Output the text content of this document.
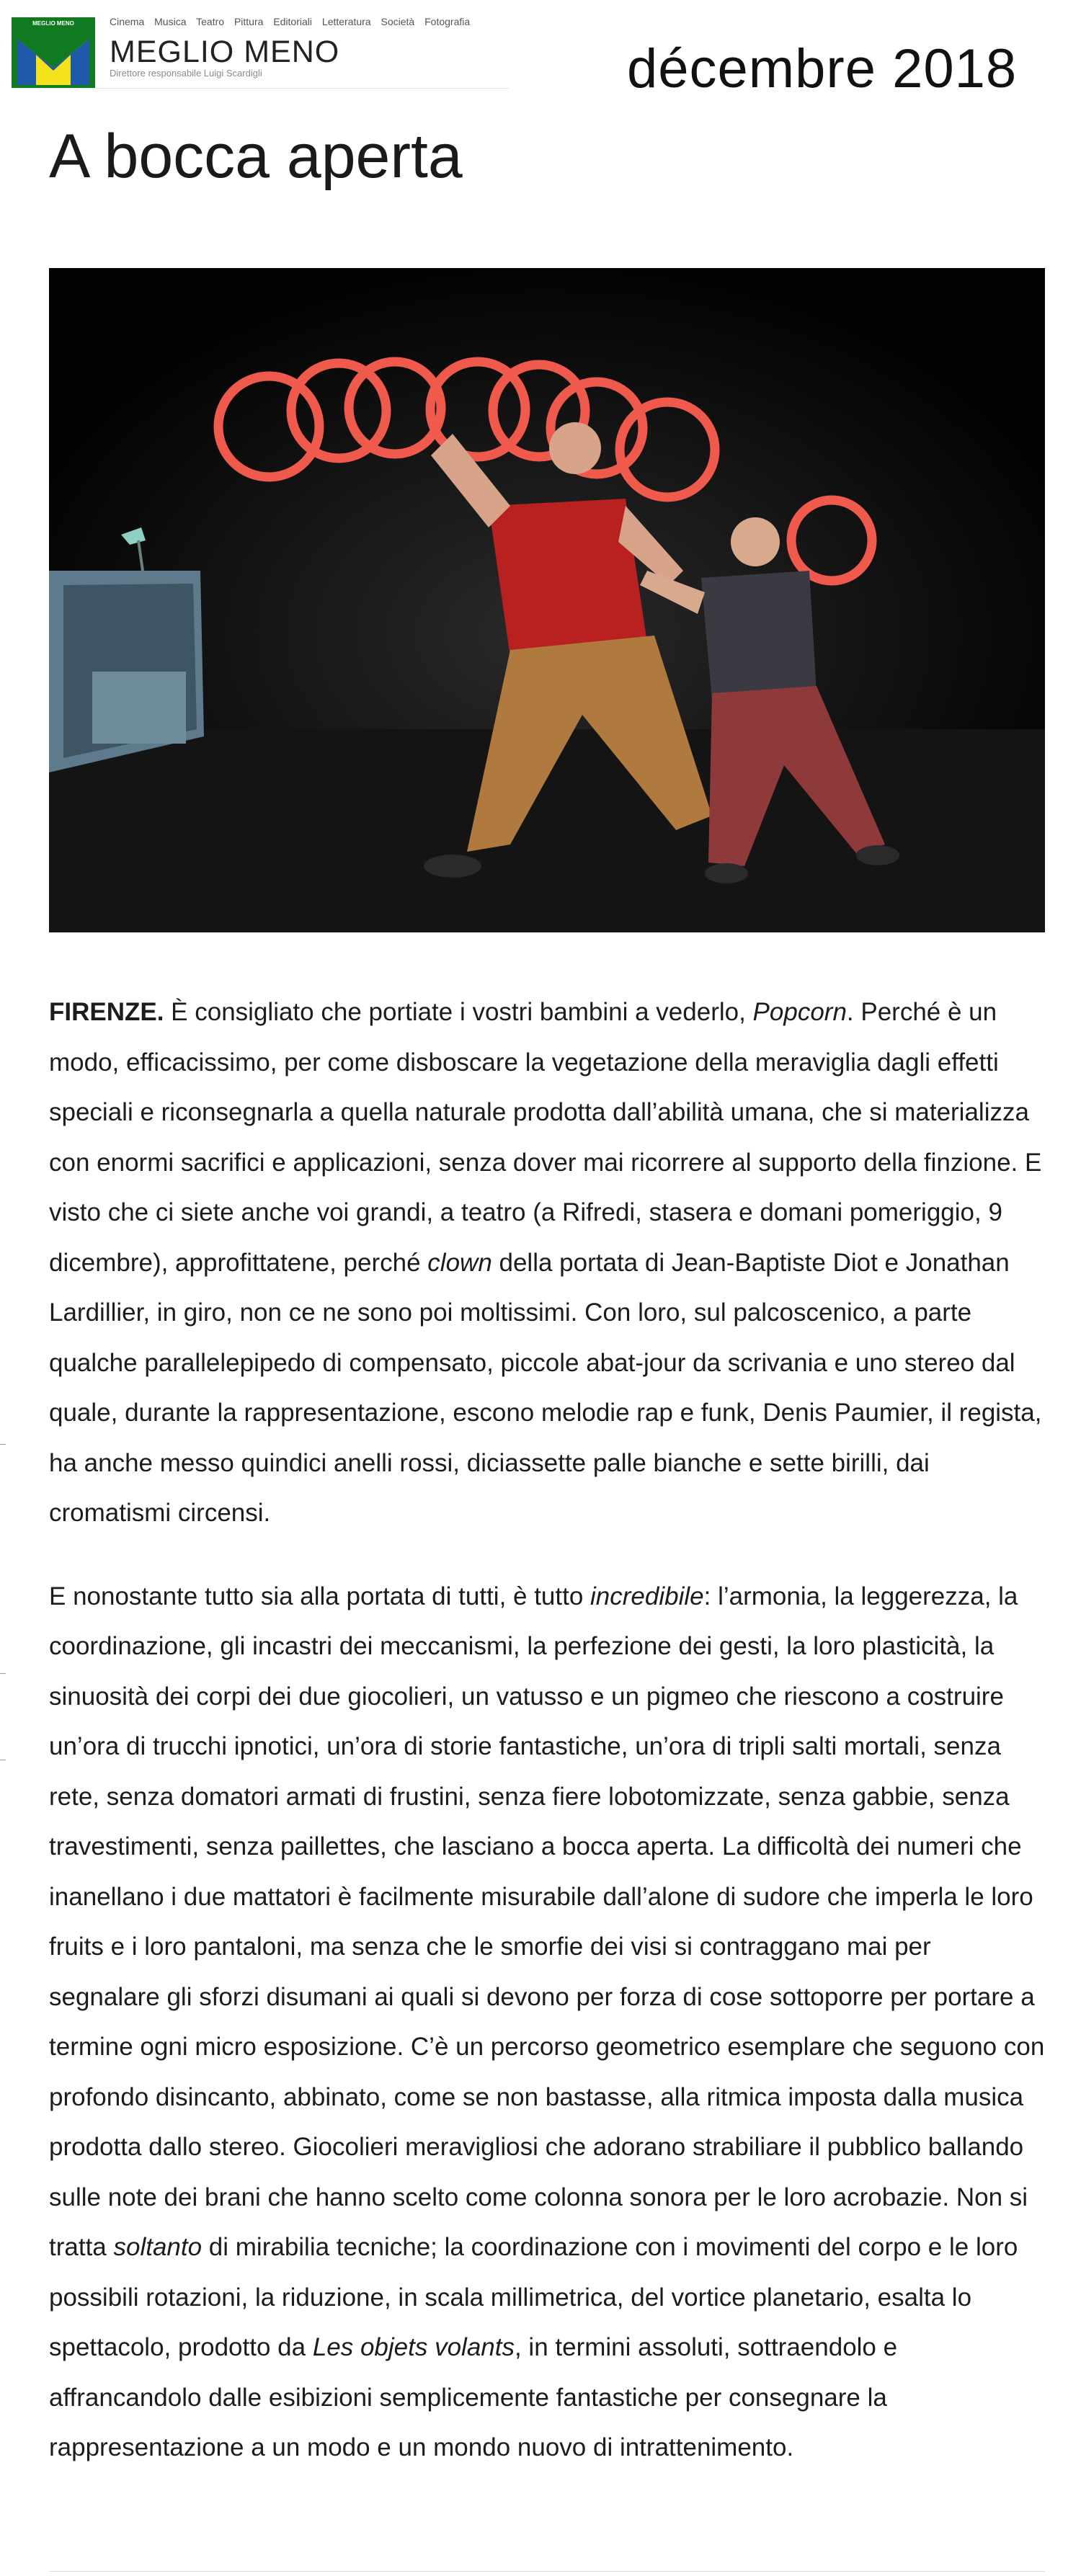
MEGLIO MENO	Cinema Musica Teatro Pittura Editoriali Letteratura Società Fotografia
MEGLIO MENO
Direttore responsabile Luigi Scardigli	décembre 2018
A bocca aperta

FIRENZE. È consigliato che portiate i vostri bambini a vederlo, Popcorn. Perché è un modo, efficacissimo, per come disboscare la vegetazione della meraviglia dagli effetti speciali e riconsegnarla a quella naturale prodotta dall’abilità umana, che si materializza con enormi sacrifici e applicazioni, senza dover mai ricorrere al supporto della finzione. E visto che ci siete anche voi grandi, a teatro (a Rifredi, stasera e domani pomeriggio, 9 dicembre), approfittatene, perché clown della portata di Jean-Baptiste Diot e Jonathan Lardillier, in giro, non ce ne sono poi moltissimi. Con loro, sul palcoscenico, a parte qualche parallelepipedo di compensato, piccole abat-jour da scrivania e uno stereo dal quale, durante la rappresentazione, escono melodie rap e funk, Denis Paumier, il regista, ha anche messo quindici anelli rossi, diciassette palle bianche e sette birilli, dai cromatismi circensi.

E nonostante tutto sia alla portata di tutti, è tutto incredibile: l’armonia, la leggerezza, la coordinazione, gli incastri dei meccanismi, la perfezione dei gesti, la loro plasticità, la sinuosità dei corpi dei due giocolieri, un vatusso e un pigmeo che riescono a costruire un’ora di trucchi ipnotici, un’ora di storie fantastiche, un’ora di tripli salti mortali, senza rete, senza domatori armati di frustini, senza fiere lobotomizzate, senza gabbie, senza travestimenti, senza paillettes, che lasciano a bocca aperta. La difficoltà dei numeri che inanellano i due mattatori è facilmente misurabile dall’alone di sudore che imperla le loro fruits e i loro pantaloni, ma senza che le smorfie dei visi si contraggano mai per segnalare gli sforzi disumani ai quali si devono per forza di cose sottoporre per portare a termine ogni micro esposizione. C’è un percorso geometrico esemplare che seguono con profondo disincanto, abbinato, come se non bastasse, alla ritmica imposta dalla musica prodotta dallo stereo. Giocolieri meravigliosi che adorano strabiliare il pubblico ballando sulle note dei brani che hanno scelto come colonna sonora per le loro acrobazie. Non si tratta soltanto di mirabilia tecniche; la coordinazione con i movimenti del corpo e le loro possibili rotazioni, la riduzione, in scala millimetrica, del vortice planetario, esalta lo spettacolo, prodotto da Les objets volants, in termini assoluti, sottraendolo e affrancandolo dalle esibizioni semplicemente fantastiche per consegnare la rappresentazione a un modo e un mondo nuovo di intrattenimento.
